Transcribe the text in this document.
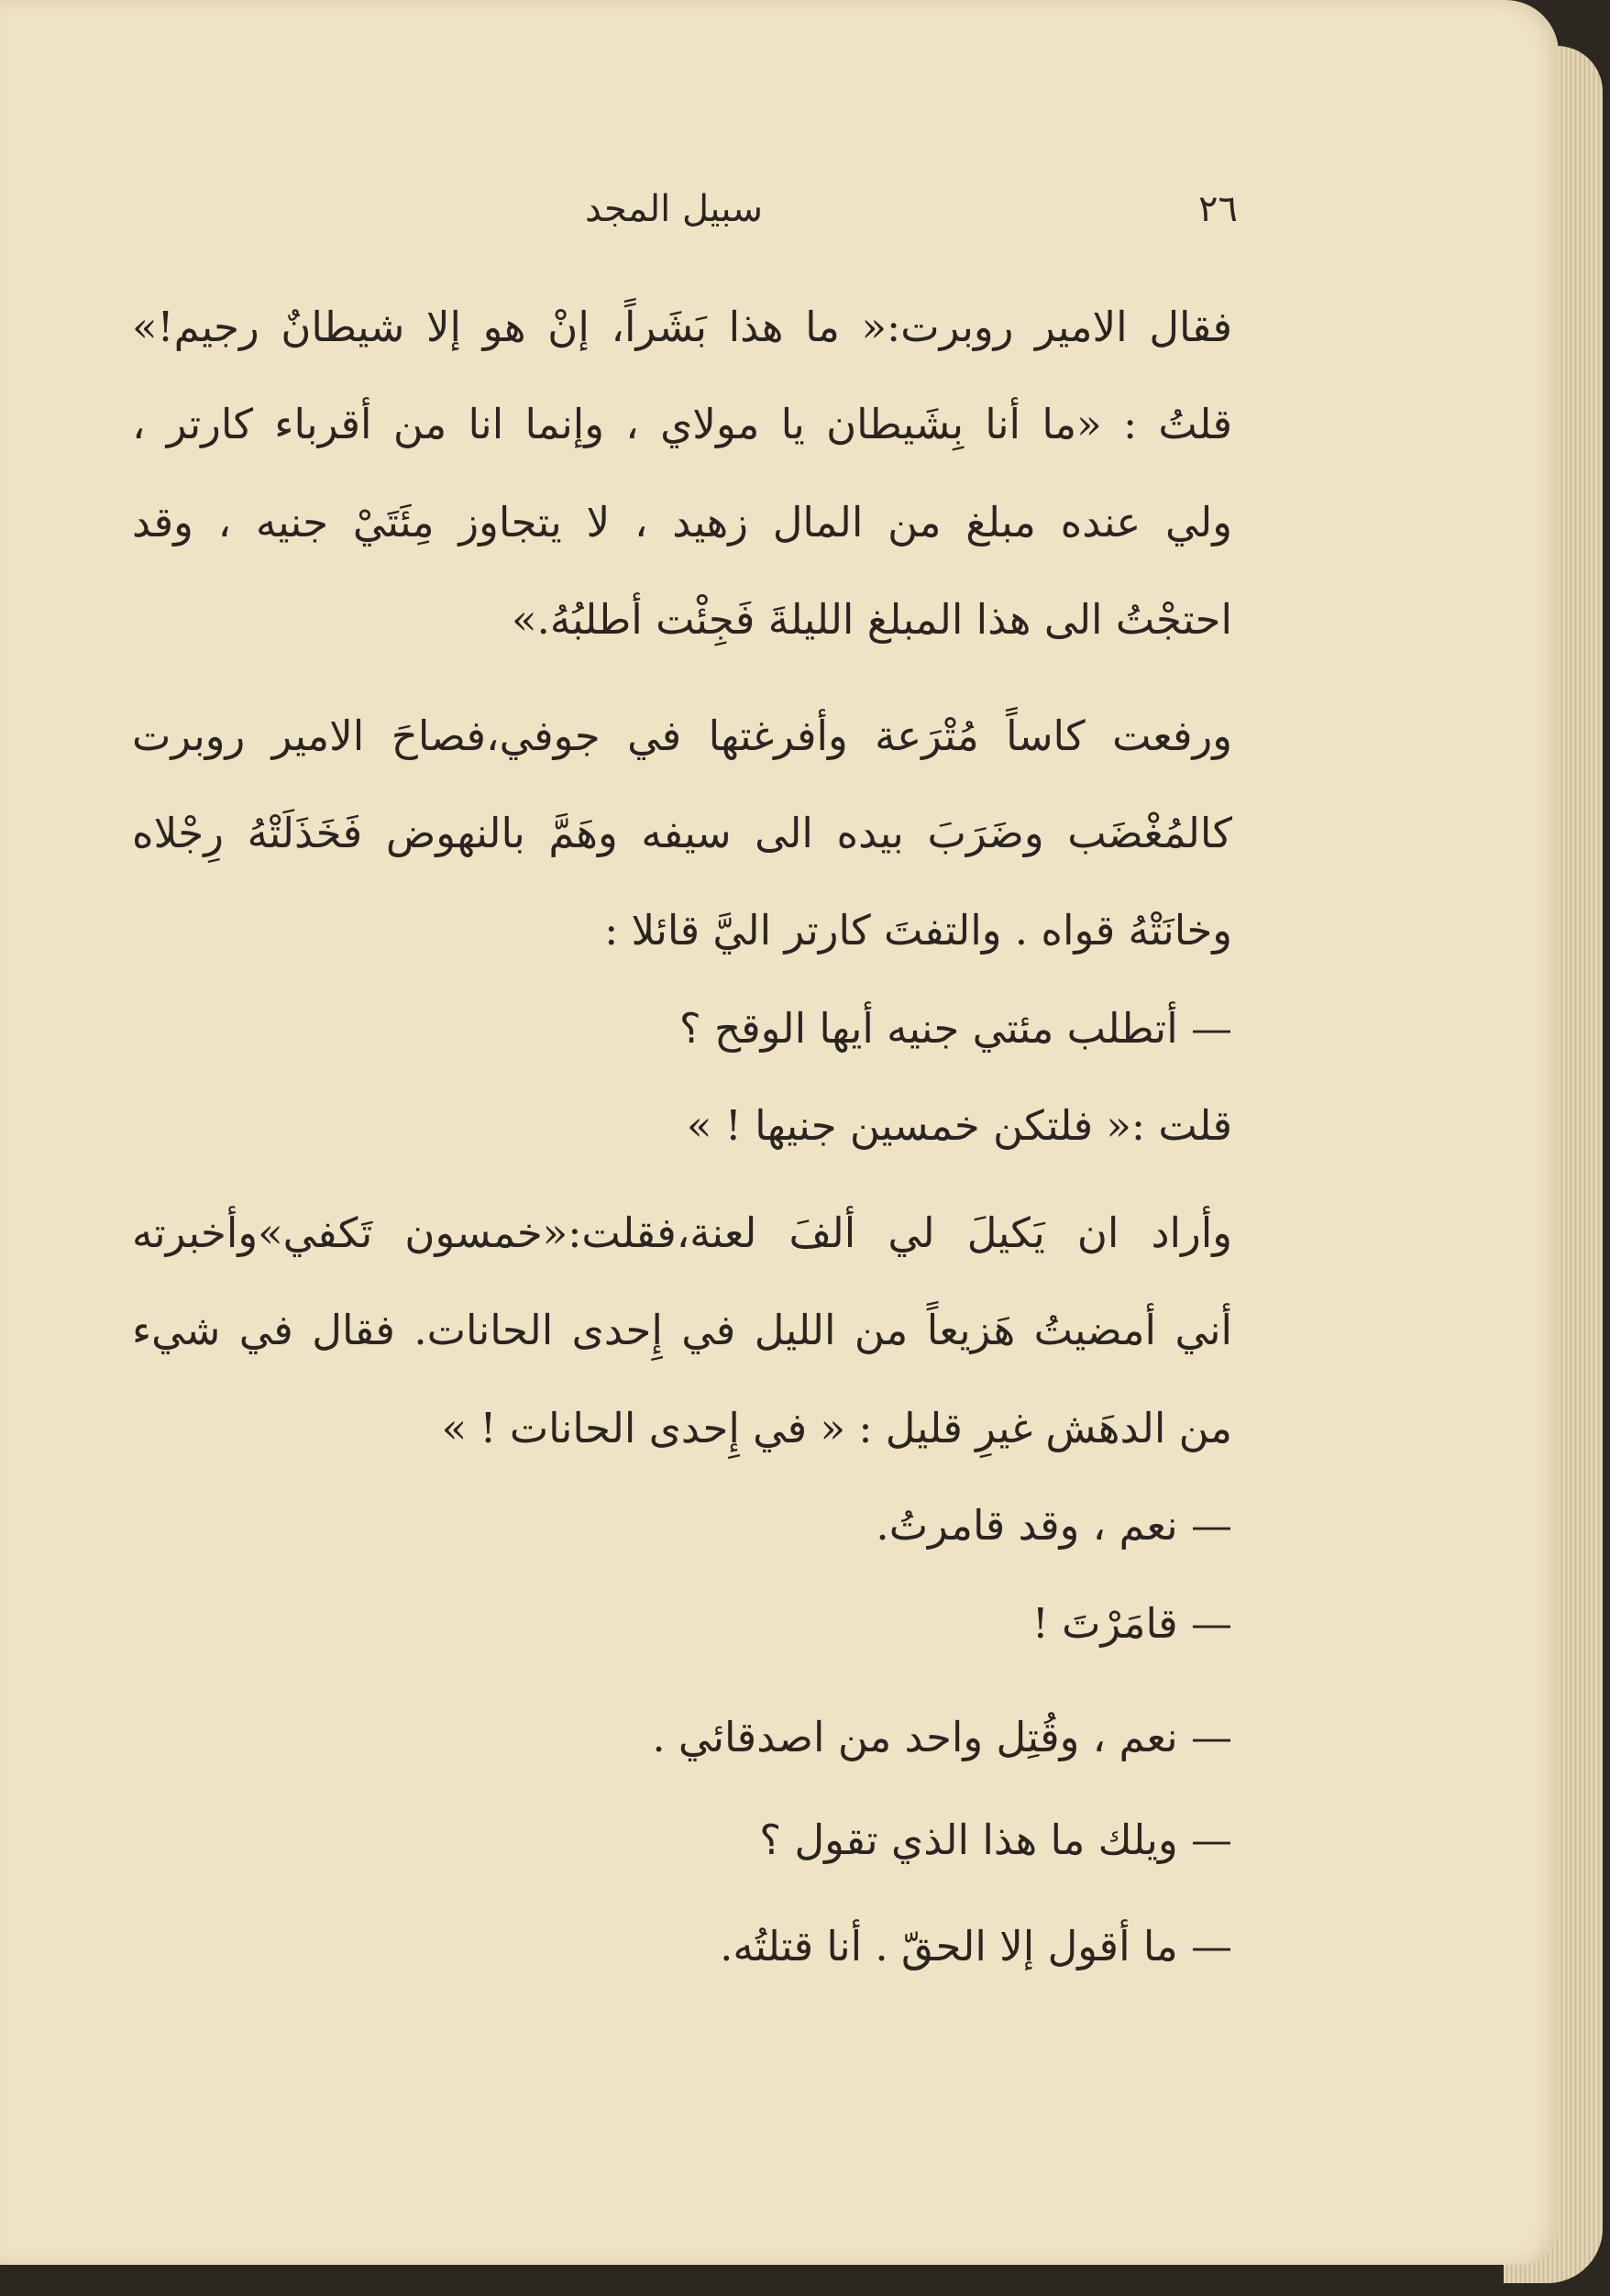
سبيل المجد	٢٦
فقال الامير روبرت:« ما هذا بَشَراً، إنْ هو إلا شيطانٌ رجيم!»
قلتُ : «ما أنا بِشَيطان يا مولاي ، وإنما انا من أقرباء كارتر ،
ولي عنده مبلغ من المال زهيد ، لا يتجاوز مِئَتَيْ جنيه ، وقد
احتجْتُ الى هذا المبلغ الليلةَ فَجِئْت أطلبُهُ.»
ورفعت كاساً مُتْرَعة وأفرغتها في جوفي،فصاحَ الامير روبرت
كالمُغْضَب وضَرَبَ بيده الى سيفه وهَمَّ بالنهوض فَخَذَلَتْهُ رِجْلاه
وخانَتْهُ قواه . والتفتَ كارتر اليَّ قائلا :
— أتطلب مئتي جنيه أيها الوقح ؟
قلت :« فلتكن خمسين جنيها ! »
وأراد ان يَكيلَ لي ألفَ لعنة،فقلت:«خمسون تَكفي»وأخبرته
أني أمضيتُ هَزيعاً من الليل في إِحدى الحانات. فقال في شيء
من الدهَش غيرِ قليل : « في إِحدى الحانات ! »
— نعم ، وقد قامرتُ.
— قامَرْتَ !
— نعم ، وقُتِل واحد من اصدقائي .
— ويلك ما هذا الذي تقول ؟
— ما أقول إلا الحقّ . أنا قتلتُه.
